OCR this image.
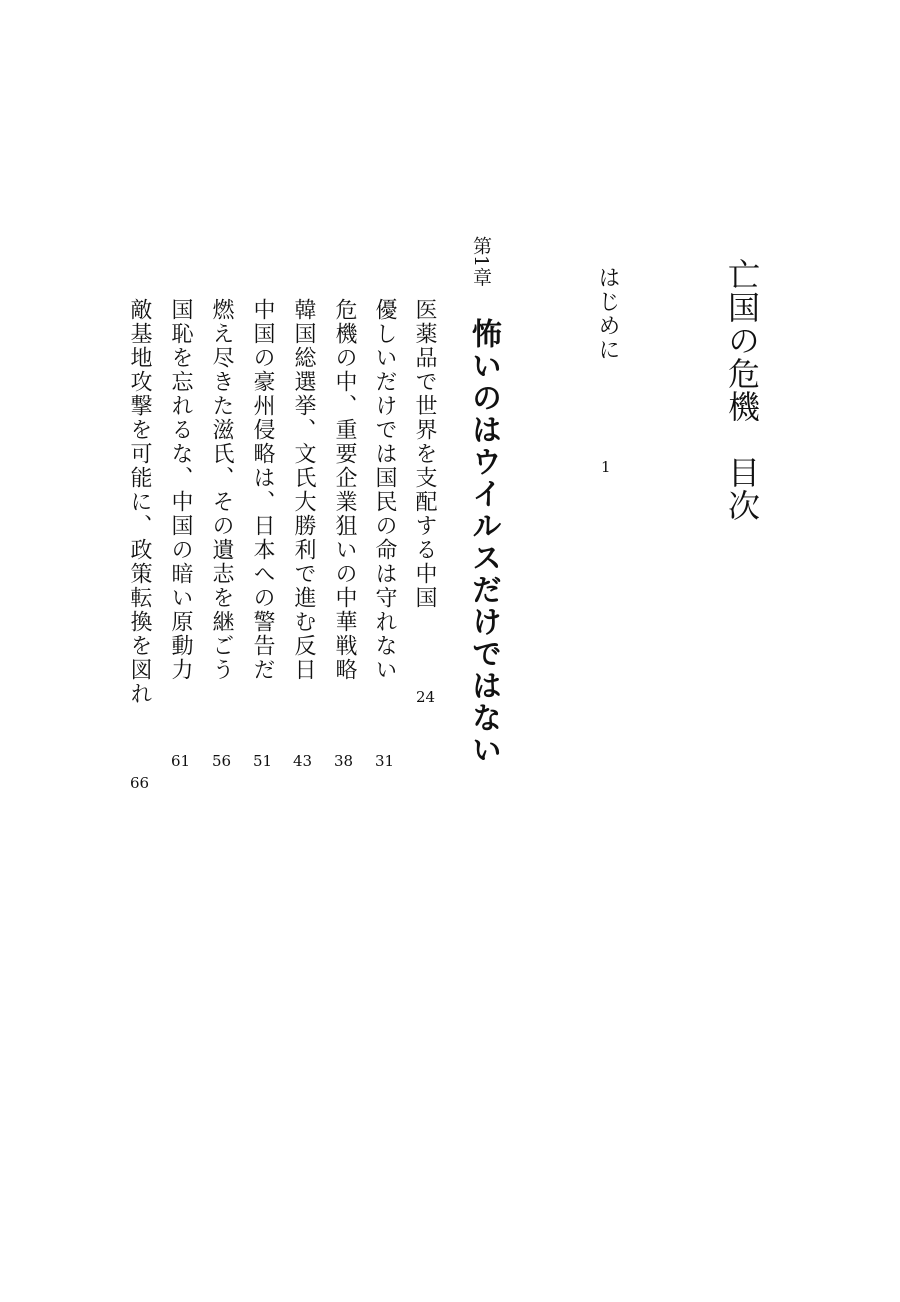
亡国の危機　目次
はじめに
1
第1章
怖いのはウイルスだけではない
医薬品で世界を支配する中国
24
優しいだけでは国民の命は守れない
31
危機の中、重要企業狙いの中華戦略
38
韓国総選挙、文氏大勝利で進む反日
43
中国の豪州侵略は、日本への警告だ
51
燃え尽きた滋氏、その遺志を継ごう
56
国恥を忘れるな、中国の暗い原動力
61
敵基地攻撃を可能に、政策転換を図れ
66
